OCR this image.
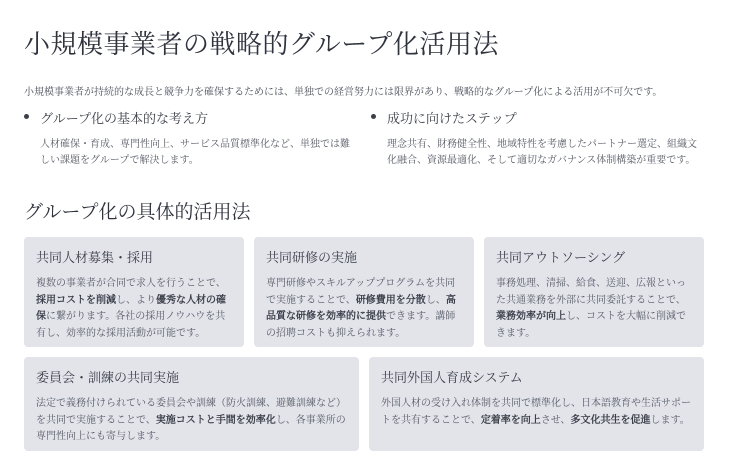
小規模事業者の戦略的グループ化活用法
小規模事業者が持続的な成長と競争力を確保するためには、単独での経営努力には限界があり、戦略的なグループ化による活用が不可欠です。
グループ化の基本的な考え方
人材確保・育成、専門性向上、サービス品質標準化など、単独では難しい課題をグループで解決します。
成功に向けたステップ
理念共有、財務健全性、地域特性を考慮したパートナー選定、組織文化融合、資源最適化、そして適切なガバナンス体制構築が重要です。
グループ化の具体的活用法
共同人材募集・採用
複数の事業者が合同で求人を行うことで、採用コストを削減し、より優秀な人材の確保に繋がります。各社の採用ノウハウを共有し、効率的な採用活動が可能です。
共同研修の実施
専門研修やスキルアッププログラムを共同で実施することで、研修費用を分散し、高品質な研修を効率的に提供できます。講師の招聘コストも抑えられます。
共同アウトソーシング
事務処理、清掃、給食、送迎、広報といった共通業務を外部に共同委託することで、業務効率が向上し、コストを大幅に削減できます。
委員会・訓練の共同実施
法定で義務付けられている委員会や訓練（防火訓練、避難訓練など）を共同で実施することで、実施コストと手間を効率化し、各事業所の専門性向上にも寄与します。
共同外国人育成システム
外国人材の受け入れ体制を共同で標準化し、日本語教育や生活サポートを共有することで、定着率を向上させ、多文化共生を促進します。
